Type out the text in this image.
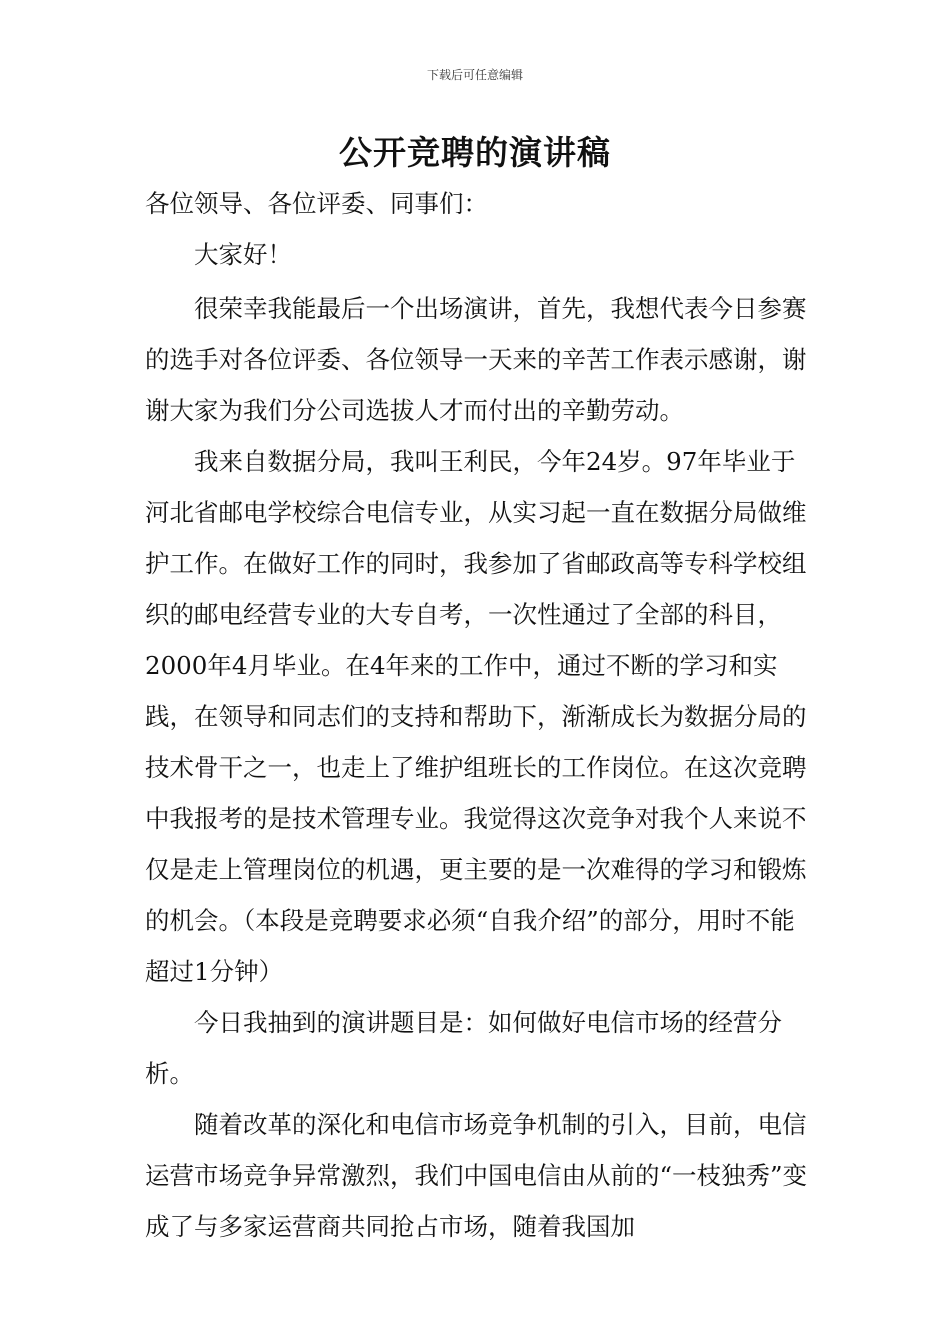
下载后可任意编辑
公开竞聘的演讲稿

各位领导、各位评委、同事们：

大家好！

很荣幸我能最后一个出场演讲，首先，我想代表今日参赛的选手对各位评委、各位领导一天来的辛苦工作表示感谢，谢谢大家为我们分公司选拔人才而付出的辛勤劳动。

我来自数据分局，我叫王利民，今年24岁。97年毕业于河北省邮电学校综合电信专业，从实习起一直在数据分局做维护工作。在做好工作的同时，我参加了省邮政高等专科学校组织的邮电经营专业的大专自考，一次性通过了全部的科目，2000年4月毕业。在4年来的工作中，通过不断的学习和实践，在领导和同志们的支持和帮助下，渐渐成长为数据分局的技术骨干之一，也走上了维护组班长的工作岗位。在这次竞聘中我报考的是技术管理专业。我觉得这次竞争对我个人来说不仅是走上管理岗位的机遇，更主要的是一次难得的学习和锻炼的机会。（本段是竞聘要求必须“自我介绍”的部分，用时不能超过1分钟）

今日我抽到的演讲题目是：如何做好电信市场的经营分析。

随着改革的深化和电信市场竞争机制的引入，目前，电信运营市场竞争异常激烈，我们中国电信由从前的“一枝独秀”变成了与多家运营商共同抢占市场，随着我国加
